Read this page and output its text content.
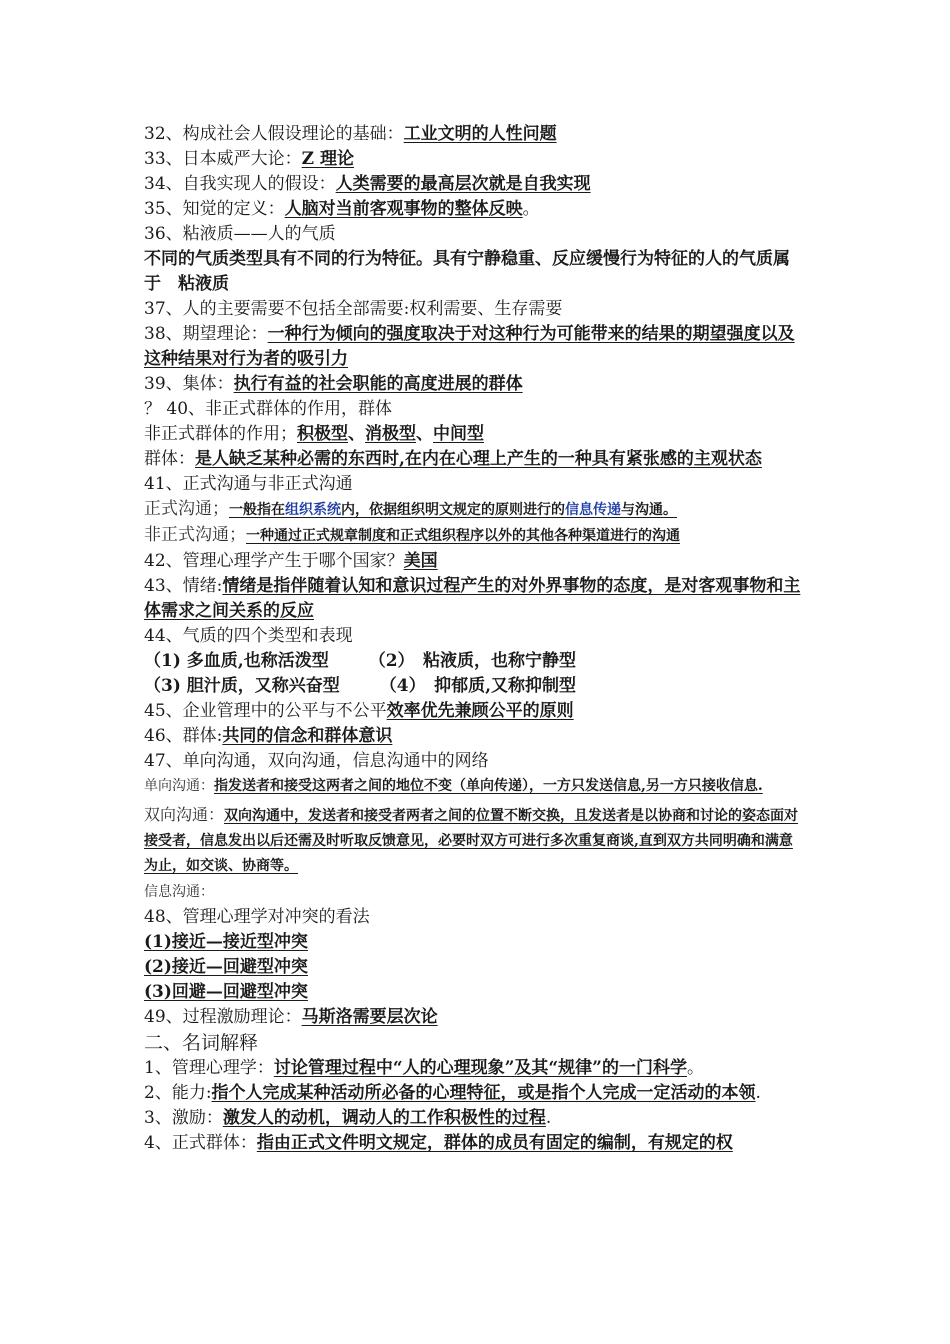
32、构成社会人假设理论的基础：工业文明的人性问题
33、日本威严大论：Z 理论
34、自我实现人的假设：人类需要的最高层次就是自我实现
35、知觉的定义：人脑对当前客观事物的整体反映。
36、粘液质——人的气质
不同的气质类型具有不同的行为特征。具有宁静稳重、反应缓慢行为特征的人的气质属于　粘液质
37、人的主要需要不包括全部需要:权利需要、生存需要
38、期望理论：一种行为倾向的强度取决于对这种行为可能带来的结果的期望强度以及这种结果对行为者的吸引力
39、集体：执行有益的社会职能的高度进展的群体
？ 40、非正式群体的作用，群体
非正式群体的作用；积极型、消极型、中间型
群体：是人缺乏某种必需的东西时,在内在心理上产生的一种具有紧张感的主观状态
41、正式沟通与非正式沟通
正式沟通；一般指在组织系统内，依据组织明文规定的原则进行的信息传递与沟通。
非正式沟通；一种通过正式规章制度和正式组织程序以外的其他各种渠道进行的沟通
42、管理心理学产生于哪个国家？美国
43、情绪:情绪是指伴随着认知和意识过程产生的对外界事物的态度，是对客观事物和主体需求之间关系的反应
44、气质的四个类型和表现
（1) 多血质,也称活泼型 （2）　粘液质，也称宁静型
（3) 胆汁质，又称兴奋型 （4）　抑郁质,又称抑制型
45、企业管理中的公平与不公平效率优先兼顾公平的原则
46、群体:共同的信念和群体意识
47、单向沟通，双向沟通，信息沟通中的网络
单向沟通：指发送者和接受这两者之间的地位不变（单向传递），一方只发送信息,另一方只接收信息.
双向沟通：双向沟通中，发送者和接受者两者之间的位置不断交换，且发送者是以协商和讨论的姿态面对接受者，信息发出以后还需及时听取反馈意见，必要时双方可进行多次重复商谈,直到双方共同明确和满意为止，如交谈、协商等。
信息沟通：
48、管理心理学对冲突的看法
(1)接近—接近型冲突
(2)接近—回避型冲突
(3)回避—回避型冲突
49、过程激励理论：马斯洛需要层次论
二、名词解释
1、管理心理学：讨论管理过程中“人的心理现象”及其“规律”的一门科学。
2、能力:指个人完成某种活动所必备的心理特征，或是指个人完成一定活动的本领.
3、激励：激发人的动机，调动人的工作积极性的过程.
4、正式群体：指由正式文件明文规定，群体的成员有固定的编制，有规定的权
